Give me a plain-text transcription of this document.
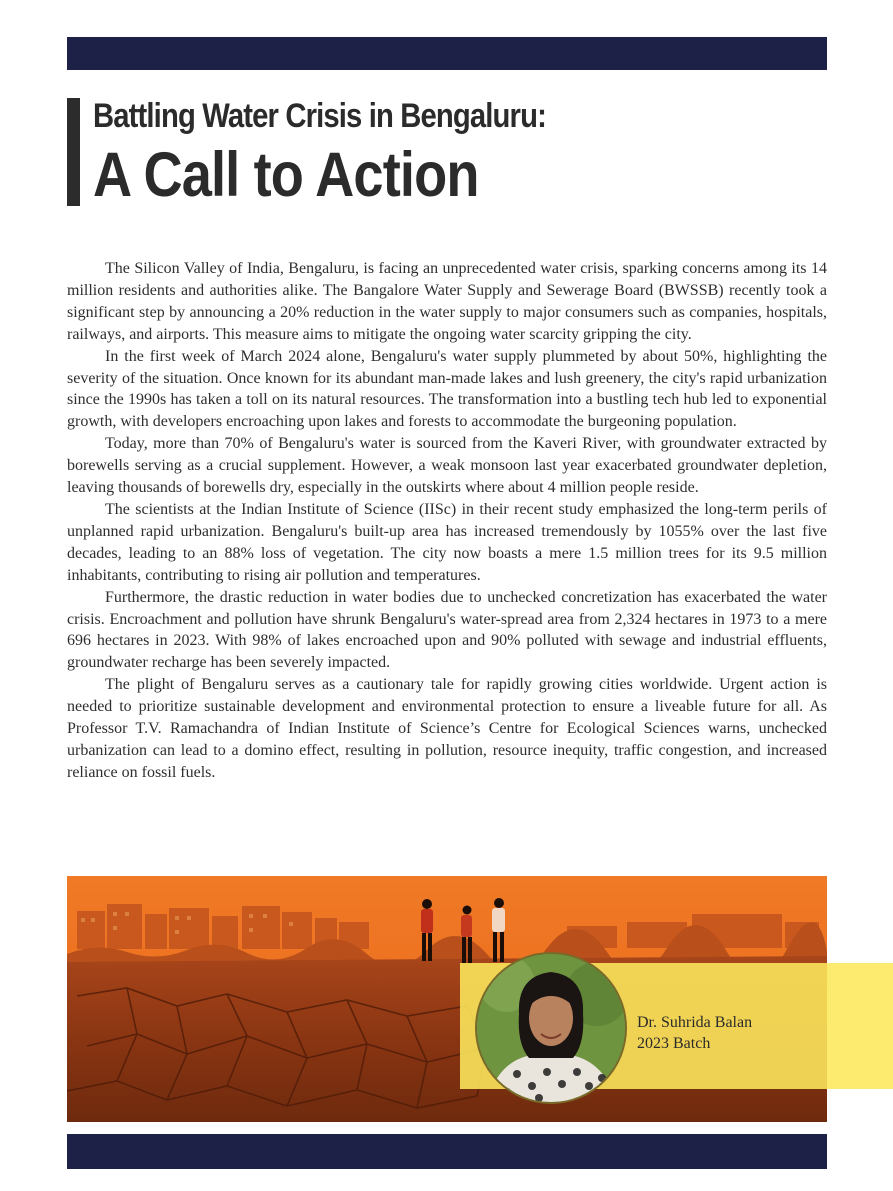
Battling Water Crisis in Bengaluru:
A Call to Action

The Silicon Valley of India, Bengaluru, is facing an unprecedented water crisis, sparking concerns among its 14 million residents and authorities alike. The Bangalore Water Supply and Sewerage Board (BWSSB) recently took a significant step by announcing a 20% reduction in the water supply to major consumers such as companies, hospitals, railways, and airports. This measure aims to mitigate the ongoing water scarcity gripping the city.

In the first week of March 2024 alone, Bengaluru's water supply plummeted by about 50%, highlighting the severity of the situation. Once known for its abundant man-made lakes and lush greenery, the city's rapid urbanization since the 1990s has taken a toll on its natural resources. The transformation into a bustling tech hub led to exponential growth, with developers encroaching upon lakes and forests to accommodate the burgeoning population.

Today, more than 70% of Bengaluru's water is sourced from the Kaveri River, with groundwater extracted by borewells serving as a crucial supplement. However, a weak monsoon last year exacerbated groundwater depletion, leaving thousands of borewells dry, especially in the outskirts where about 4 million people reside.

The scientists at the Indian Institute of Science (IISc) in their recent study emphasized the long-term perils of unplanned rapid urbanization. Bengaluru's built-up area has increased tremendously by 1055% over the last five decades, leading to an 88% loss of vegetation. The city now boasts a mere 1.5 million trees for its 9.5 million inhabitants, contributing to rising air pollution and temperatures.

Furthermore, the drastic reduction in water bodies due to unchecked concretization has exacerbated the water crisis. Encroachment and pollution have shrunk Bengaluru's water-spread area from 2,324 hectares in 1973 to a mere 696 hectares in 2023. With 98% of lakes encroached upon and 90% polluted with sewage and industrial effluents, groundwater recharge has been severely impacted.

The plight of Bengaluru serves as a cautionary tale for rapidly growing cities worldwide. Urgent action is needed to prioritize sustainable development and environmental protection to ensure a liveable future for all. As Professor T.V. Ramachandra of Indian Institute of Science’s Centre for Ecological Sciences warns, unchecked urbanization can lead to a domino effect, resulting in pollution, resource inequity, traffic congestion, and increased reliance on fossil fuels.

Dr. Suhrida Balan
2023 Batch
